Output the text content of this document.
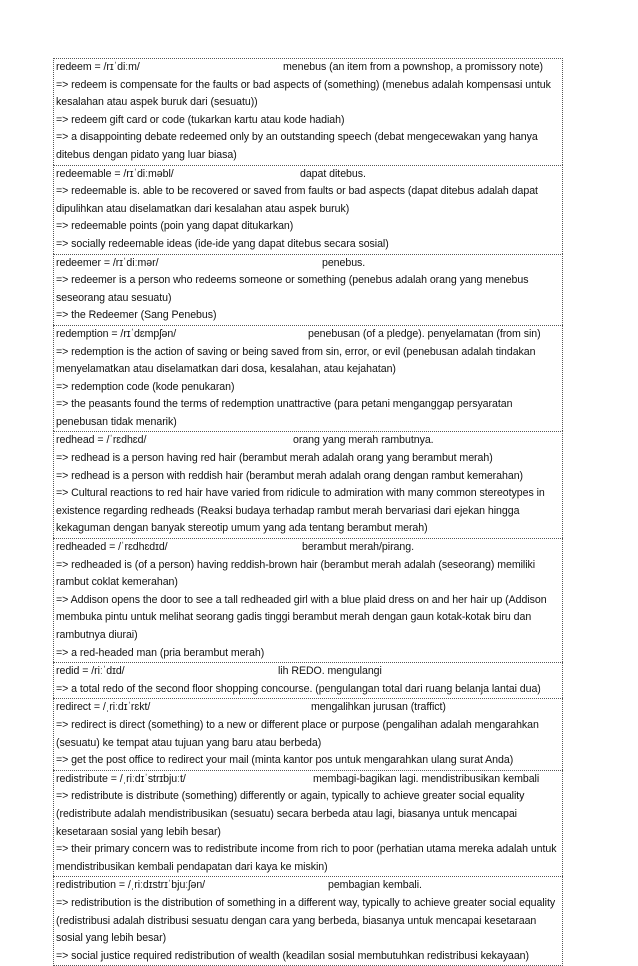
redeem = /rɪˈdiːm/	menebus (an item from a pownshop, a promissory note)
=> redeem is compensate for the faults or bad aspects of (something) (menebus adalah kompensasi untuk kesalahan atau aspek buruk dari (sesuatu))
=> redeem gift card or code (tukarkan kartu atau kode hadiah)
=> a disappointing debate redeemed only by an outstanding speech (debat mengecewakan yang hanya ditebus dengan pidato yang luar biasa)
redeemable = /rɪˈdiːməbl/	dapat ditebus.
=> redeemable is. able to be recovered or saved from faults or bad aspects (dapat ditebus adalah dapat dipulihkan atau diselamatkan dari kesalahan atau aspek buruk)
=> redeemable points (poin yang dapat ditukarkan)
=> socially redeemable ideas (ide-ide yang dapat ditebus secara sosial)
redeemer = /rɪˈdiːmər/	penebus.
=> redeemer is a person who redeems someone or something (penebus adalah orang yang menebus seseorang atau sesuatu)
=> the Redeemer (Sang Penebus)
redemption = /rɪˈdɛmpʃən/	penebusan (of a pledge). penyelamatan (from sin)
=> redemption is the action of saving or being saved from sin, error, or evil (penebusan adalah tindakan menyelamatkan atau diselamatkan dari dosa, kesalahan, atau kejahatan)
=> redemption code (kode penukaran)
=> the peasants found the terms of redemption unattractive (para petani menganggap persyaratan penebusan tidak menarik)
redhead = /ˈrɛdhɛd/	orang yang merah rambutnya.
=> redhead is a person having red hair (berambut merah adalah orang yang berambut merah)
=> redhead is a person with reddish hair (berambut merah adalah orang dengan rambut kemerahan)
=> Cultural reactions to red hair have varied from ridicule to admiration with many common stereotypes in existence regarding redheads (Reaksi budaya terhadap rambut merah bervariasi dari ejekan hingga kekaguman dengan banyak stereotip umum yang ada tentang berambut merah)
redheaded = /ˈrɛdhɛdɪd/	berambut merah/pirang.
=> redheaded is (of a person) having reddish-brown hair (berambut merah adalah (seseorang) memiliki rambut coklat kemerahan)
=> Addison opens the door to see a tall redheaded girl with a blue plaid dress on and her hair up (Addison membuka pintu untuk melihat seorang gadis tinggi berambut merah dengan gaun kotak-kotak biru dan rambutnya diurai)
=> a red-headed man (pria berambut merah)
redid = /riːˈdɪd/	lih REDO. mengulangi
=> a total redo of the second floor shopping concourse. (pengulangan total dari ruang belanja lantai dua)
redirect = /ˌriːdɪˈrɛkt/	mengalihkan jurusan (traffict)
=> redirect is direct (something) to a new or different place or purpose (pengalihan adalah mengarahkan (sesuatu) ke tempat atau tujuan yang baru atau berbeda)
=> get the post office to redirect your mail (minta kantor pos untuk mengarahkan ulang surat Anda)
redistribute = /ˌriːdɪˈstrɪbjuːt/	membagi-bagikan lagi. mendistribusikan kembali
=> redistribute is distribute (something) differently or again, typically to achieve greater social equality (redistribute adalah mendistribusikan (sesuatu) secara berbeda atau lagi, biasanya untuk mencapai kesetaraan sosial yang lebih besar)
=> their primary concern was to redistribute income from rich to poor (perhatian utama mereka adalah untuk mendistribusikan kembali pendapatan dari kaya ke miskin)
redistribution = /ˌriːdɪstrɪˈbjuːʃən/	pembagian kembali.
=> redistribution is the distribution of something in a different way, typically to achieve greater social equality (redistribusi adalah distribusi sesuatu dengan cara yang berbeda, biasanya untuk mencapai kesetaraan sosial yang lebih besar)
=> social justice required redistribution of wealth (keadilan sosial membutuhkan redistribusi kekayaan)
